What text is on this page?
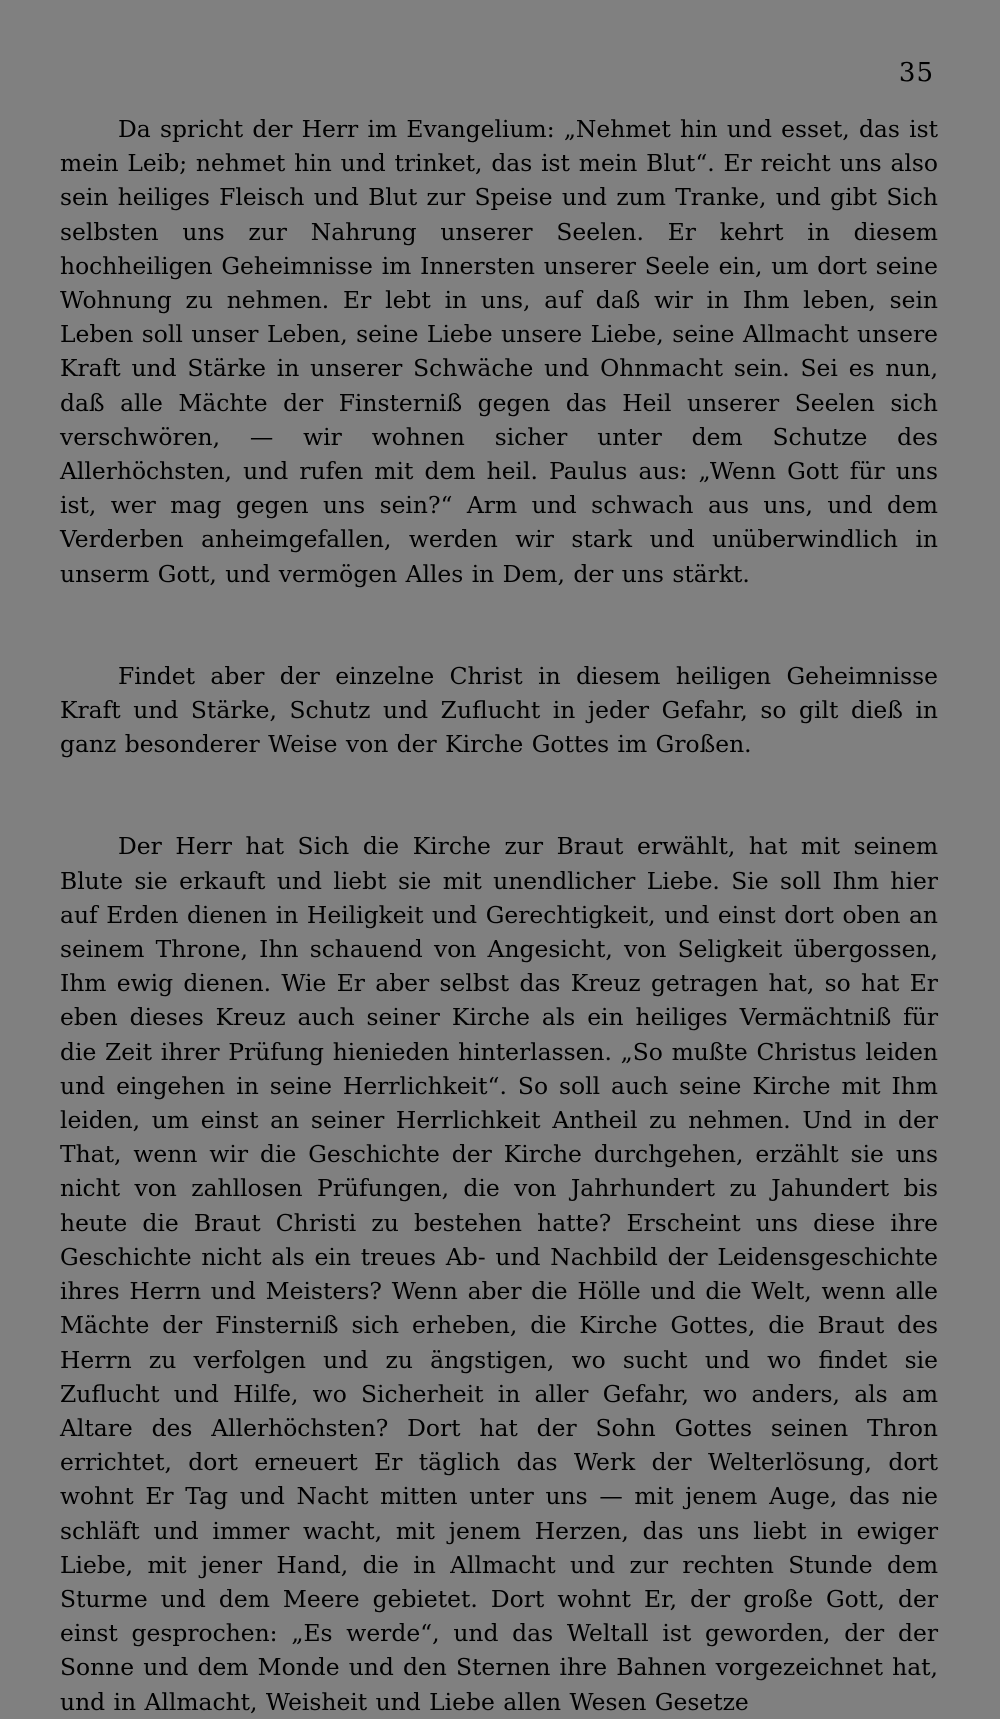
35

Da spricht der Herr im Evangelium: „Nehmet hin und esset, das ist mein Leib; nehmet hin und trinket, das ist mein Blut“. Er reicht uns also sein heiliges Fleisch und Blut zur Speise und zum Tranke, und gibt Sich selbsten uns zur Nahrung unserer Seelen. Er kehrt in diesem hochheiligen Geheimnisse im Innersten unserer Seele ein, um dort seine Wohnung zu nehmen. Er lebt in uns, auf daß wir in Ihm leben, sein Leben soll unser Leben, seine Liebe unsere Liebe, seine Allmacht unsere Kraft und Stärke in unserer Schwäche und Ohnmacht sein. Sei es nun, daß alle Mächte der Finsterniß gegen das Heil unserer Seelen sich verschwören, — wir wohnen sicher unter dem Schutze des Allerhöchsten, und rufen mit dem heil. Paulus aus: „Wenn Gott für uns ist, wer mag gegen uns sein?“ Arm und schwach aus uns, und dem Verderben anheimgefallen, werden wir stark und unüberwindlich in unserm Gott, und vermögen Alles in Dem, der uns stärkt.

Findet aber der einzelne Christ in diesem heiligen Geheimnisse Kraft und Stärke, Schutz und Zuflucht in jeder Gefahr, so gilt dieß in ganz besonderer Weise von der Kirche Gottes im Großen.

Der Herr hat Sich die Kirche zur Braut erwählt, hat mit seinem Blute sie erkauft und liebt sie mit unendlicher Liebe. Sie soll Ihm hier auf Erden dienen in Heiligkeit und Gerechtigkeit, und einst dort oben an seinem Throne, Ihn schauend von Angesicht, von Seligkeit übergossen, Ihm ewig dienen. Wie Er aber selbst das Kreuz getragen hat, so hat Er eben dieses Kreuz auch seiner Kirche als ein heiliges Vermächtniß für die Zeit ihrer Prüfung hienieden hinterlassen. „So mußte Christus leiden und eingehen in seine Herrlichkeit“. So soll auch seine Kirche mit Ihm leiden, um einst an seiner Herrlichkeit Antheil zu nehmen. Und in der That, wenn wir die Geschichte der Kirche durchgehen, erzählt sie uns nicht von zahllosen Prüfungen, die von Jahrhundert zu Jahundert bis heute die Braut Christi zu bestehen hatte? Erscheint uns diese ihre Geschichte nicht als ein treues Ab- und Nachbild der Leidensgeschichte ihres Herrn und Meisters? Wenn aber die Hölle und die Welt, wenn alle Mächte der Finsterniß sich erheben, die Kirche Gottes, die Braut des Herrn zu verfolgen und zu ängstigen, wo sucht und wo findet sie Zuflucht und Hilfe, wo Sicherheit in aller Gefahr, wo anders, als am Altare des Allerhöchsten? Dort hat der Sohn Gottes seinen Thron errichtet, dort erneuert Er täglich das Werk der Welterlösung, dort wohnt Er Tag und Nacht mitten unter uns — mit jenem Auge, das nie schläft und immer wacht, mit jenem Herzen, das uns liebt in ewiger Liebe, mit jener Hand, die in Allmacht und zur rechten Stunde dem Sturme und dem Meere gebietet. Dort wohnt Er, der große Gott, der einst gesprochen: „Es werde“, und das Weltall ist geworden, der der Sonne und dem Monde und den Sternen ihre Bahnen vorgezeichnet hat, und in Allmacht, Weisheit und Liebe allen Wesen Gesetze
